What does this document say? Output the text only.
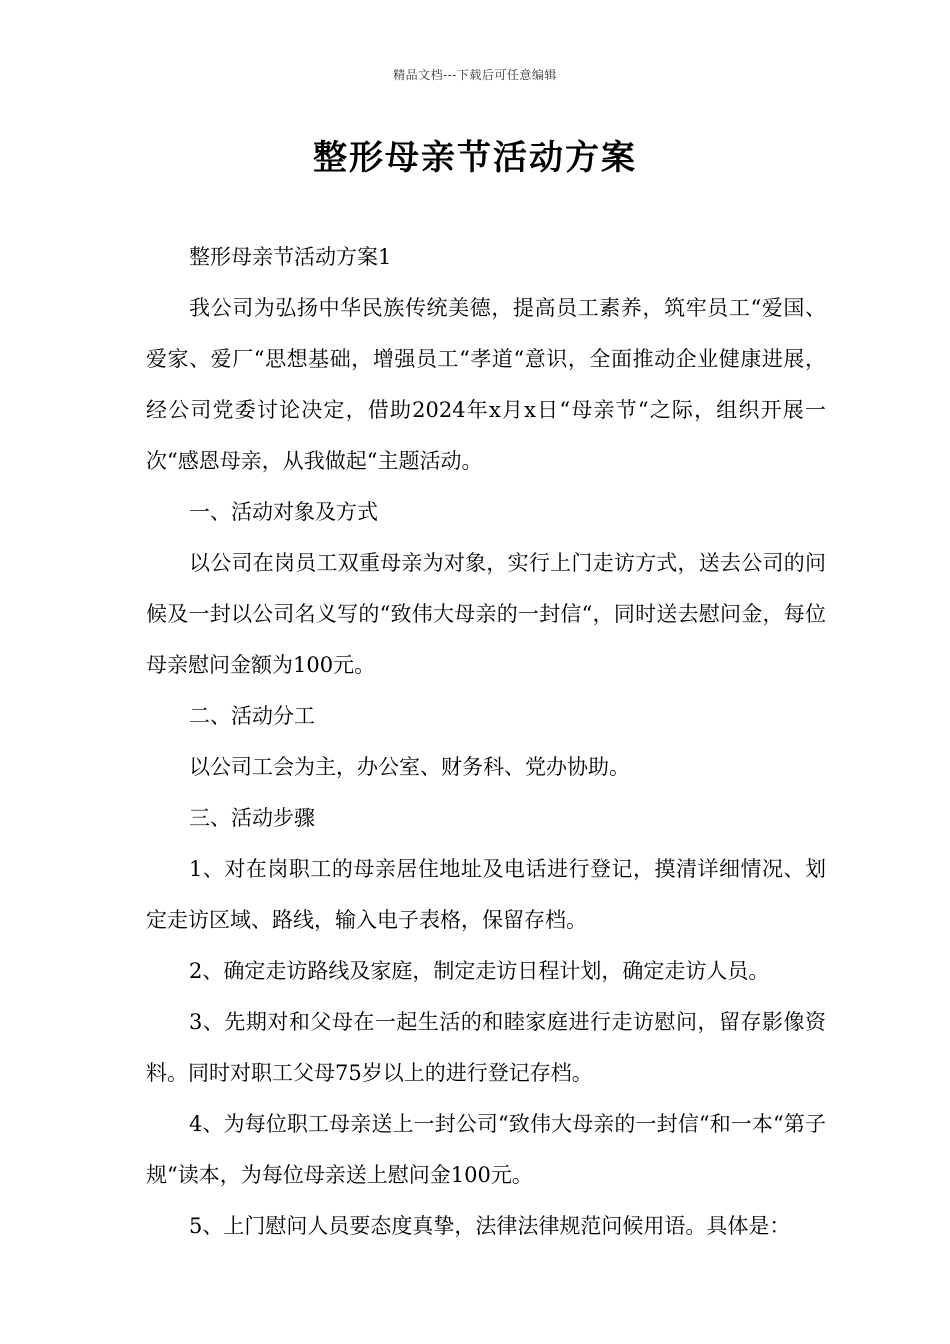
精品文档---下载后可任意编辑
整形母亲节活动方案

整形母亲节活动方案1

我公司为弘扬中华民族传统美德，提高员工素养，筑牢员工“爱国、爱家、爱厂“思想基础，增强员工“孝道“意识，全面推动企业健康进展，经公司党委讨论决定，借助2024年x月x日“母亲节“之际，组织开展一次“感恩母亲，从我做起“主题活动。

一、活动对象及方式

以公司在岗员工双重母亲为对象，实行上门走访方式，送去公司的问候及一封以公司名义写的“致伟大母亲的一封信“，同时送去慰问金，每位母亲慰问金额为100元。

二、活动分工

以公司工会为主，办公室、财务科、党办协助。

三、活动步骤

1、对在岗职工的母亲居住地址及电话进行登记，摸清详细情况、划定走访区域、路线，输入电子表格，保留存档。

2、确定走访路线及家庭，制定走访日程计划，确定走访人员。

3、先期对和父母在一起生活的和睦家庭进行走访慰问，留存影像资料。同时对职工父母75岁以上的进行登记存档。

4、为每位职工母亲送上一封公司“致伟大母亲的一封信“和一本“第子规“读本，为每位母亲送上慰问金100元。

5、上门慰问人员要态度真挚，法律法律规范问候用语。具体是：
